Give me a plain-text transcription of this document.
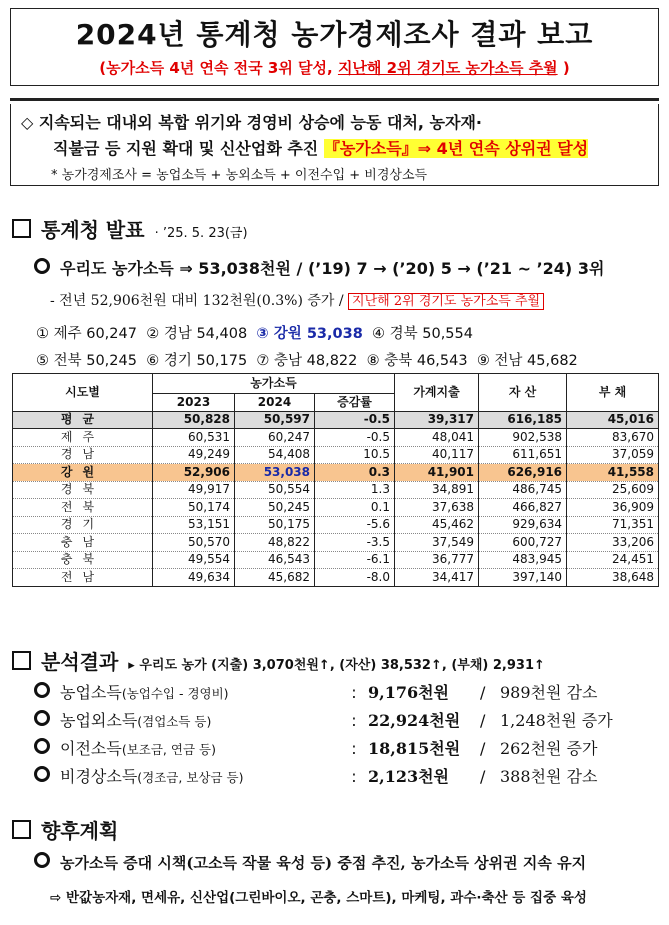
2024년 통계청 농가경제조사 결과 보고
(농가소득 4년 연속 전국 3위 달성, 지난해 2위 경기도 농가소득 추월 )
◇ 지속되는 대내외 복합 위기와 경영비 상승에 능동 대처, 농자재·
직불금 등 지원 확대 및 신산업화 추진 『농가소득』⇒ 4년 연속 상위권 달성
* 농가경제조사 = 농업소득 + 농외소득 + 이전수입 + 비경상소득
통계청 발표 · ’25. 5. 23(금)
우리도 농가소득 ⇒ 53,038천원 / (’19) 7 → (’20) 5 → (’21 ~ ’24) 3위
- 전년 52,906천원 대비 132천원(0.3%) 증가 / 지난해 2위 경기도 농가소득 추월
① 제주 60,247 ② 경남 54,408 ③ 강원 53,038 ④ 경북 50,554
⑤ 전북 50,245 ⑥ 경기 50,175 ⑦ 충남 48,822 ⑧ 충북 46,543 ⑨ 전남 45,682
시도별	농가소득			가계지출	자 산	부 채
	2023	2024	증감률			
평균	50,828	50,597	-0.5	39,317	616,185	45,016
제주	60,531	60,247	-0.5	48,041	902,538	83,670
경남	49,249	54,408	10.5	40,117	611,651	37,059
강원	52,906	53,038	0.3	41,901	626,916	41,558
경북	49,917	50,554	1.3	34,891	486,745	25,609
전북	50,174	50,245	0.1	37,638	466,827	36,909
경기	53,151	50,175	-5.6	45,462	929,634	71,351
충남	50,570	48,822	-3.5	37,549	600,727	33,206
충북	49,554	46,543	-6.1	36,777	483,945	24,451
전남	49,634	45,682	-8.0	34,417	397,140	38,648
분석결과 ▸ 우리도 농가 (지출) 3,070천원↑, (자산) 38,532↑, (부채) 2,931↑
농업소득(농업수입 - 경영비)	: 9,176천원 / 989천원 감소
농업외소득(겸업소득 등)	: 22,924천원 / 1,248천원 증가
이전소득(보조금, 연금 등)	: 18,815천원 / 262천원 증가
비경상소득(경조금, 보상금 등)	: 2,123천원 / 388천원 감소
향후계획
농가소득 증대 시책(고소득 작물 육성 등) 중점 추진, 농가소득 상위권 지속 유지
⇨ 반값농자재, 면세유, 신산업(그린바이오, 곤충, 스마트), 마케팅, 과수·축산 등 집중 육성
